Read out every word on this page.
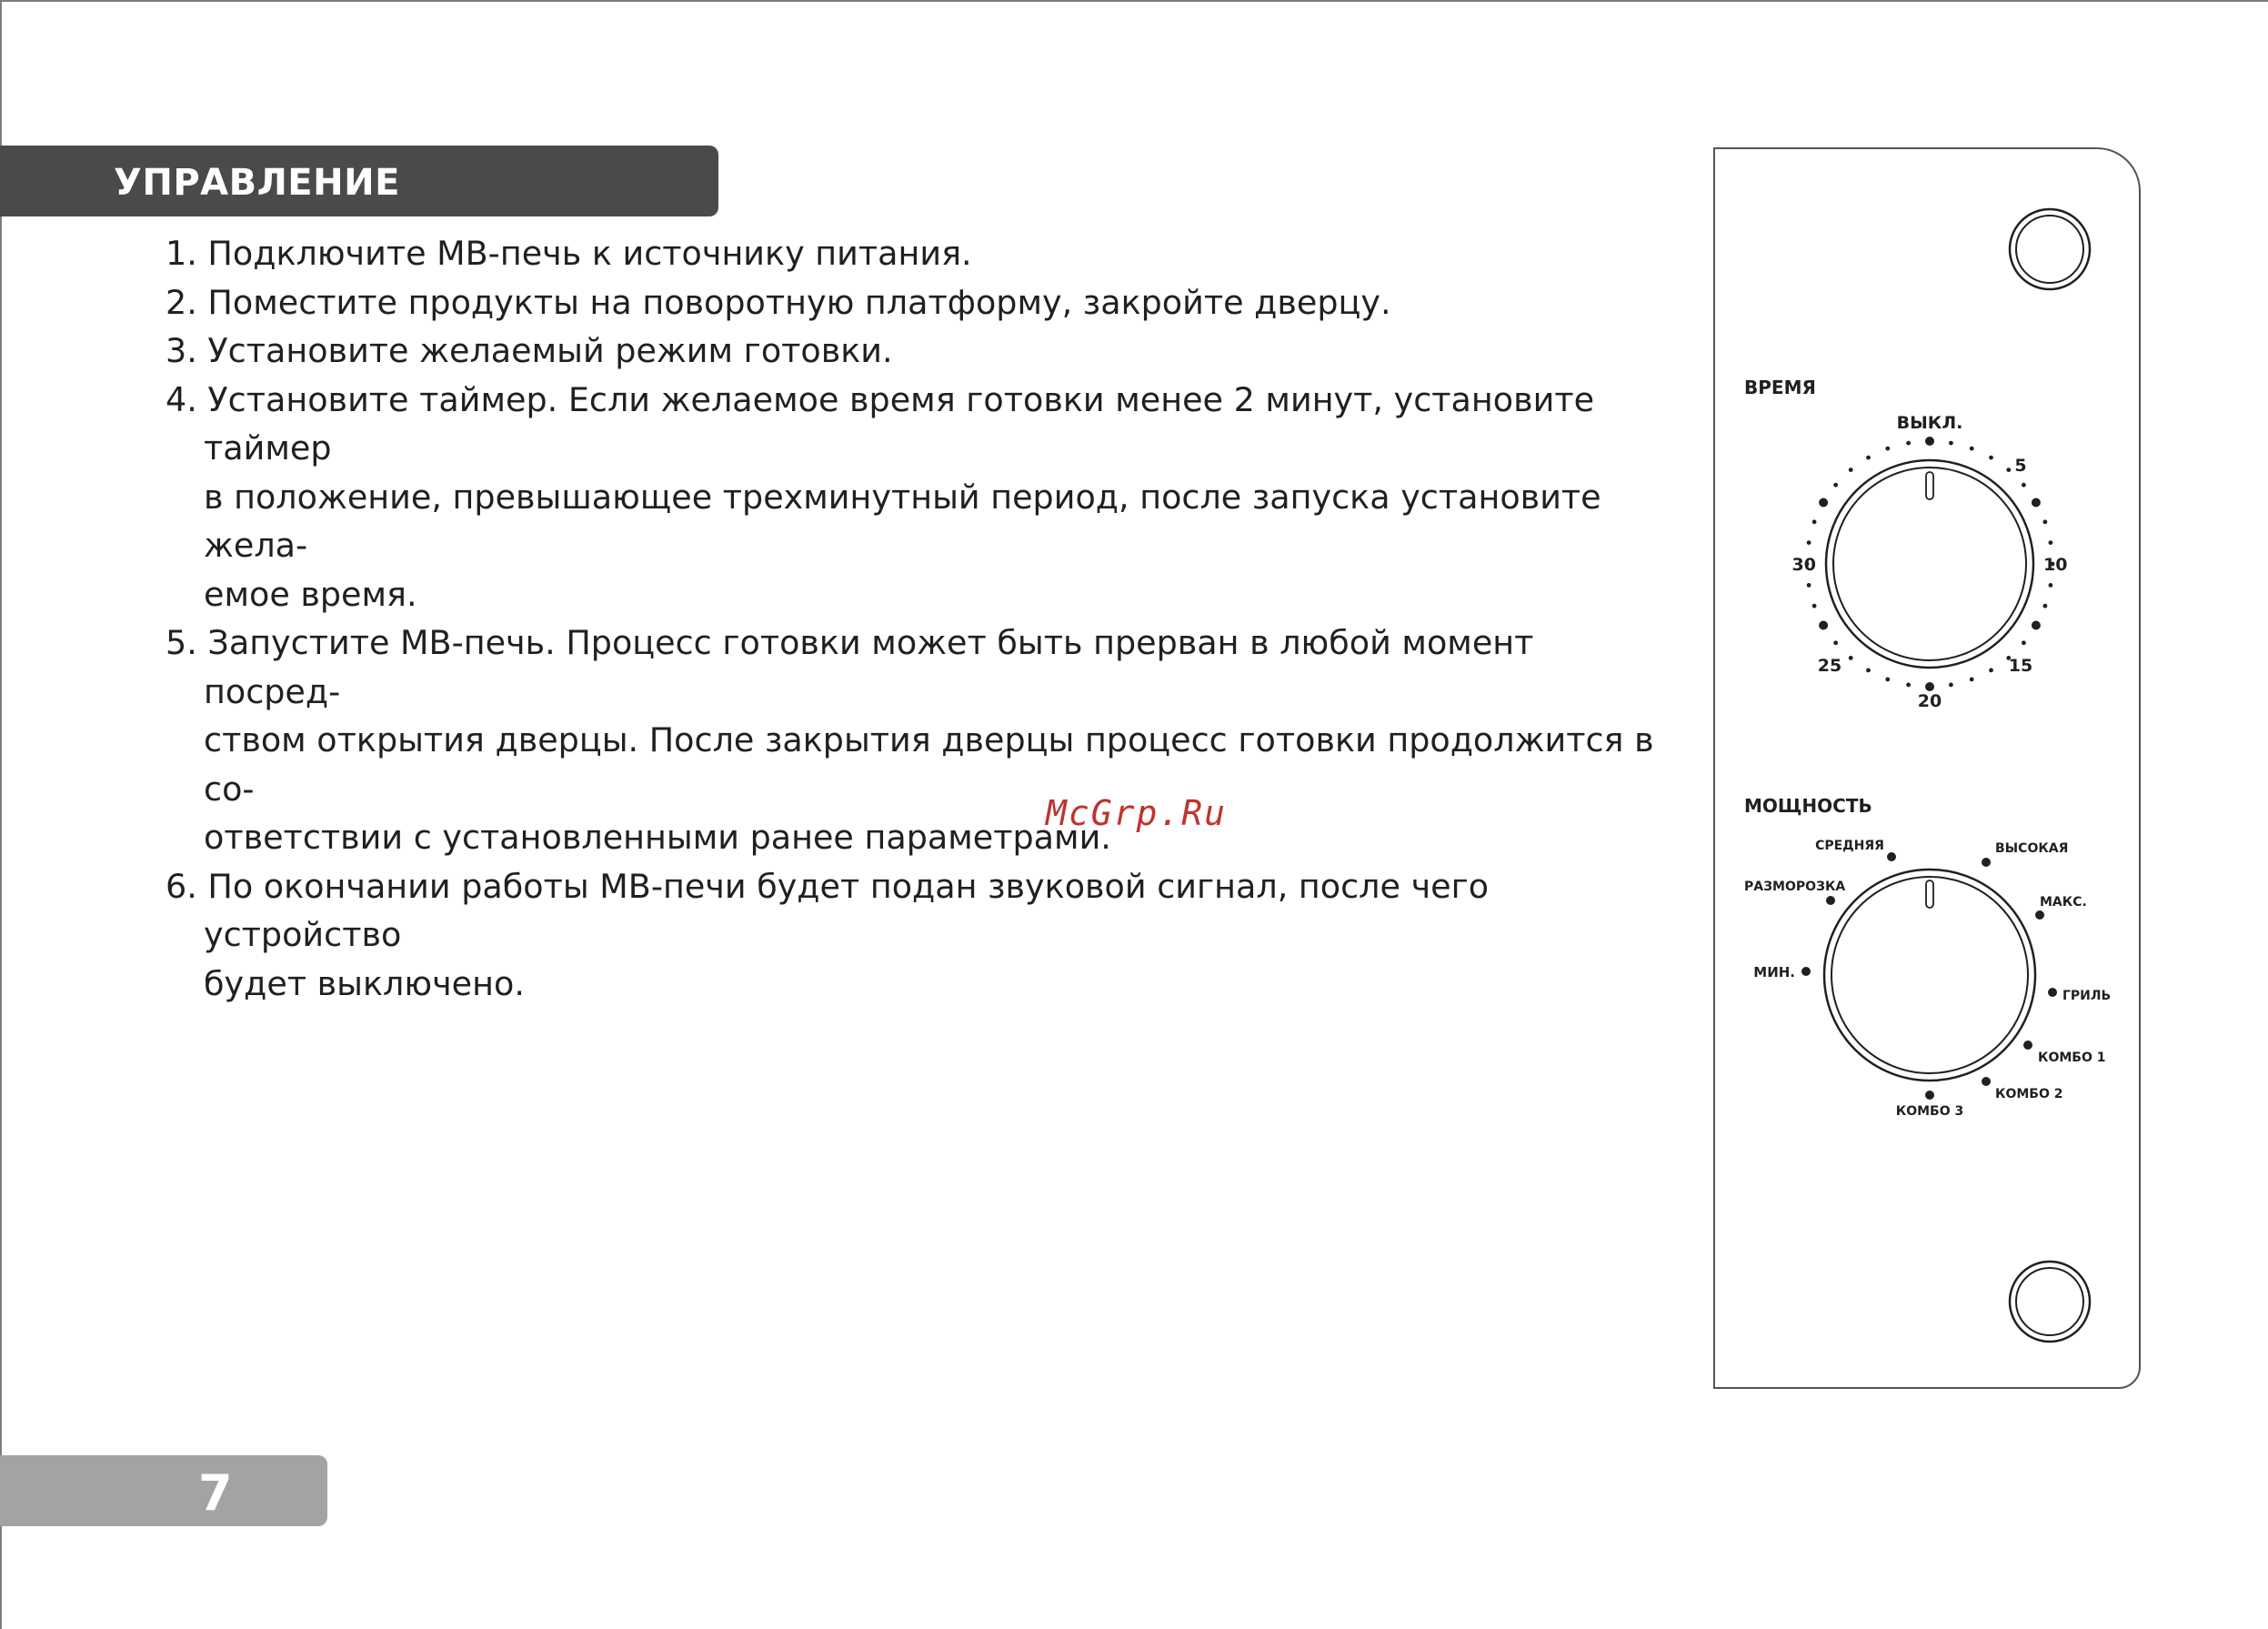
УПРАВЛЕНИЕ
1. Подключите МВ-печь к источнику питания.
2. Поместите продукты на поворотную платформу, закройте дверцу.
3. Установите желаемый режим готовки.
4. Установите таймер. Если желаемое время готовки менее 2 минут, установите таймер
в положение, превышающее трехминутный период, после запуска установите жела-
емое время.
5. Запустите МВ-печь. Процесс готовки может быть прерван в любой момент посред-
ством открытия дверцы. После закрытия дверцы процесс готовки продолжится в со-
ответствии с установленными ранее параметрами.
6. По окончании работы МВ-печи будет подан звуковой сигнал, после чего устройство
будет выключено.
McGrp.Ru
7
ВРЕМЯ
МОЩНОСТЬ
ВЫКЛ.
5
10
15
20
25
30
МИН.
РАЗМОРОЗКА
СРЕДНЯЯ	ВЫСОКАЯ
МАКС.
ГРИЛЬ
КОМБО 1
КОМБО 2
КОМБО 3
